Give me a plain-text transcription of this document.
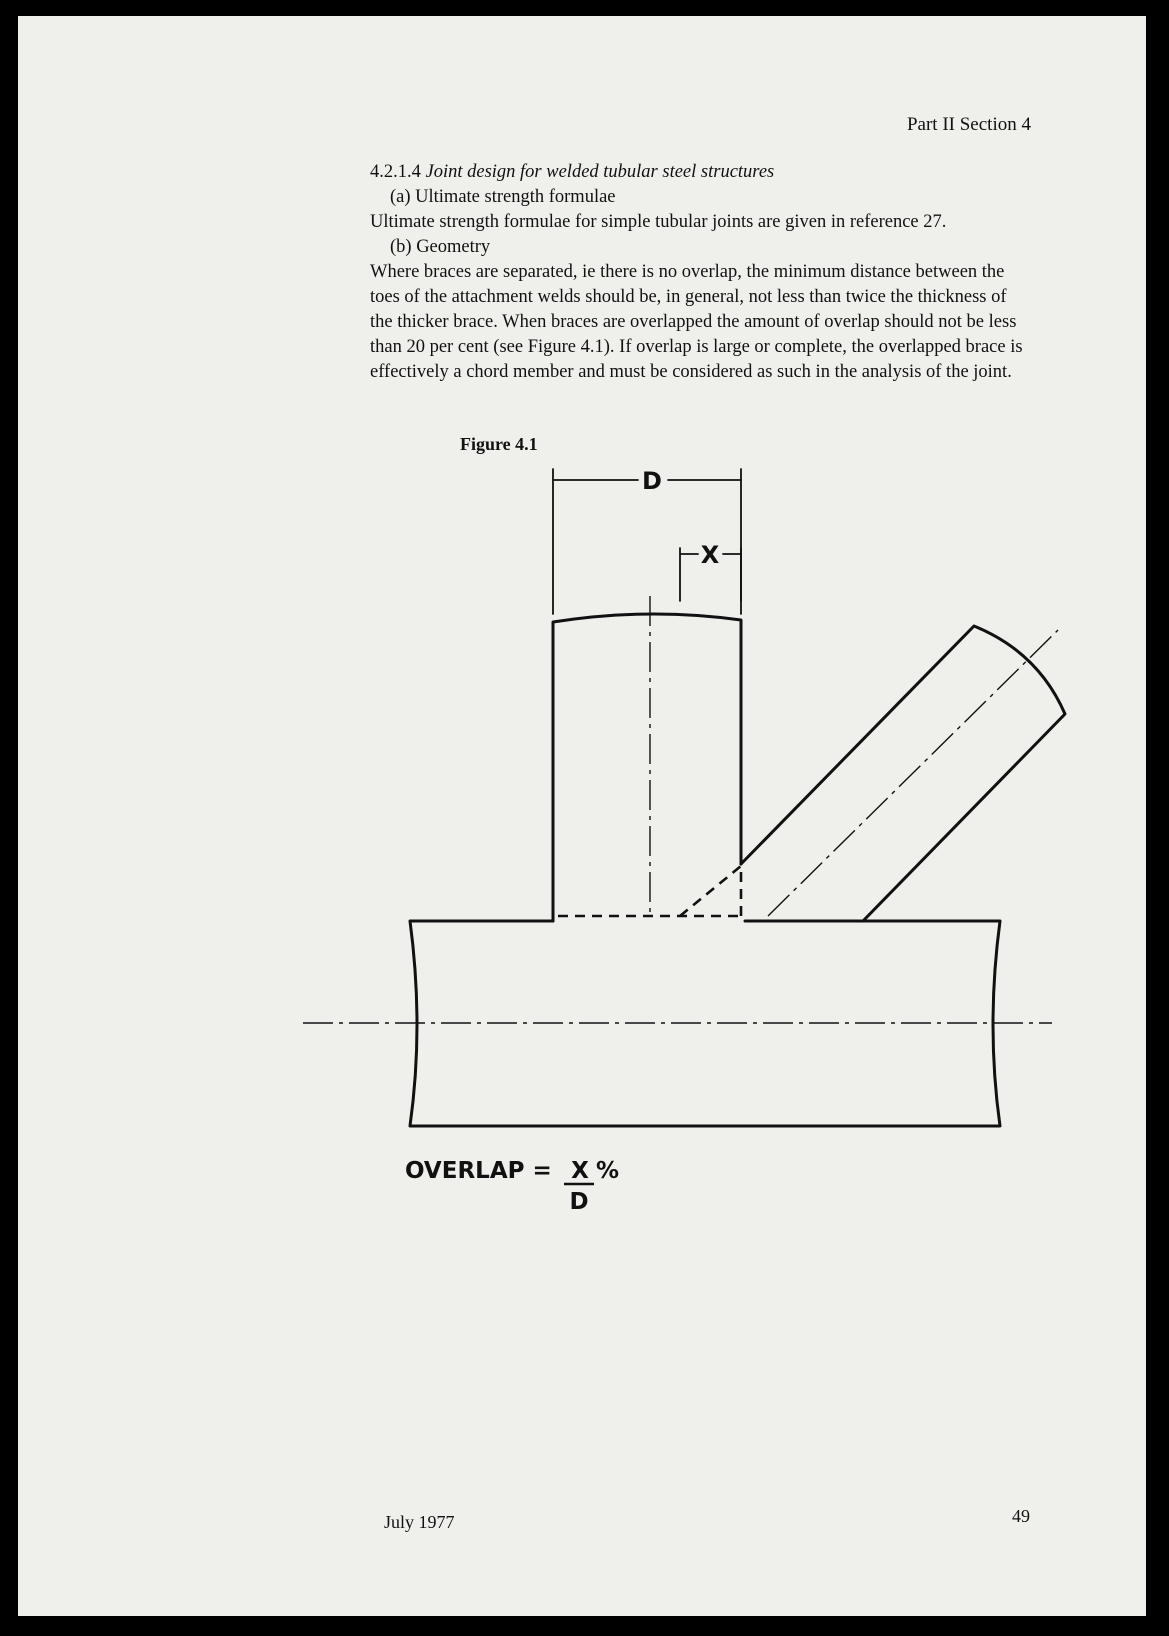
Part II Section 4

4.2.1.4 Joint design for welded tubular steel structures

(a) Ultimate strength formulae

Ultimate strength formulae for simple tubular joints are given in reference 27.

(b) Geometry

Where braces are separated, ie there is no overlap, the minimum distance between the toes of the attachment welds should be, in general, not less than twice the thickness of the thicker brace. When braces are overlapped the amount of overlap should not be less than 20 per cent (see Figure 4.1). If overlap is large or complete, the overlapped brace is effectively a chord member and must be considered as such in the analysis of the joint.

Figure 4.1
D
X
OVERLAP = X %
D
July 1977	49
